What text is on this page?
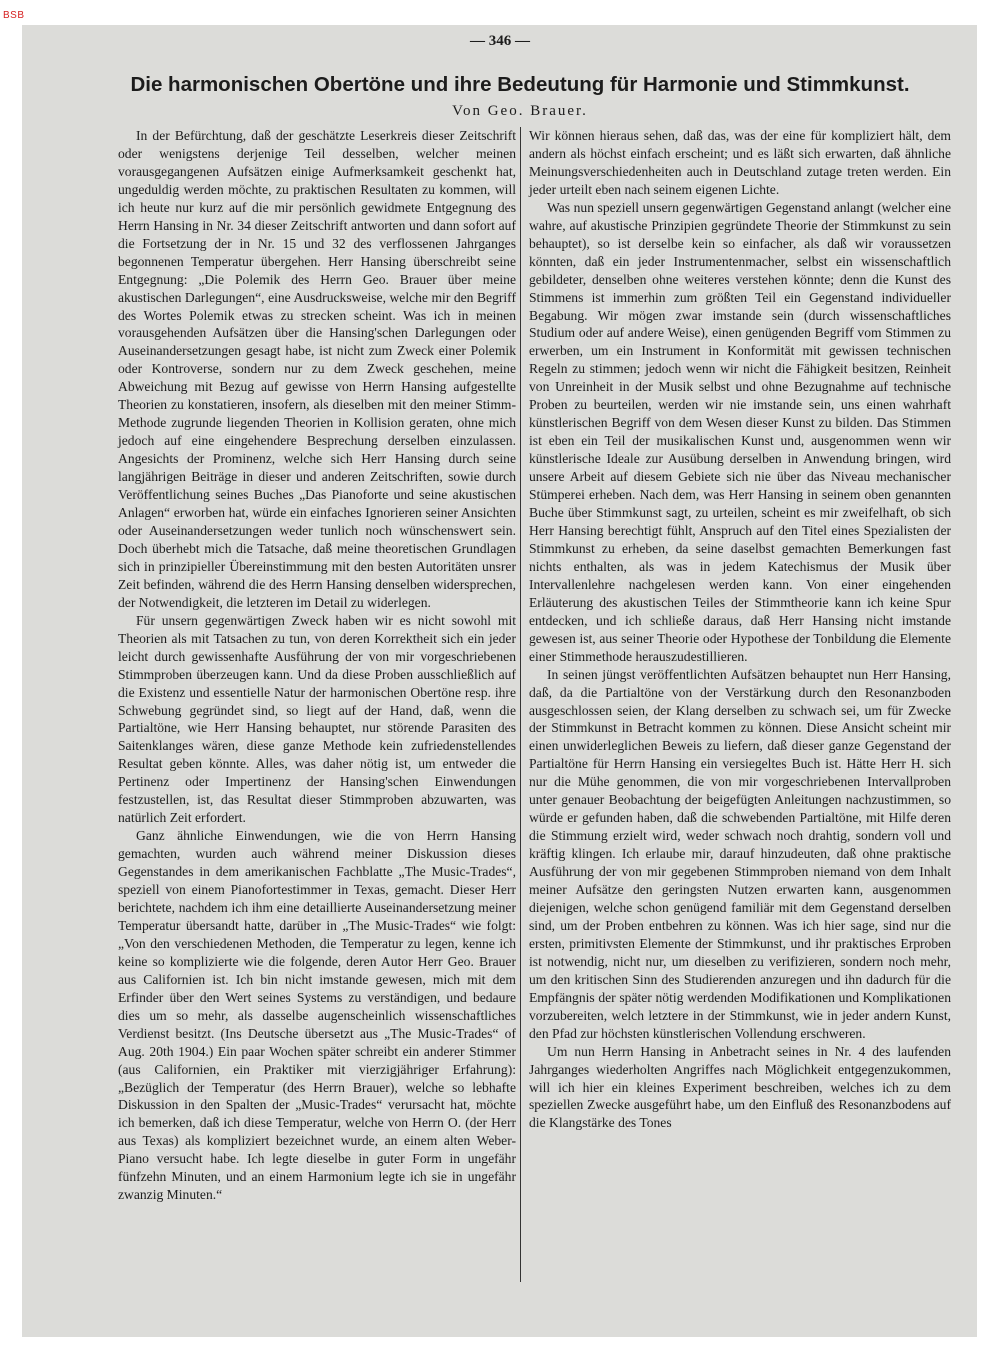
BSB
— 346 —
Die harmonischen Obertöne und ihre Bedeutung für Harmonie und Stimmkunst.
Von Geo. Brauer.

In der Befürchtung, daß der geschätzte Leserkreis dieser Zeitschrift oder wenigstens derjenige Teil desselben, welcher meinen vorausgegangenen Aufsätzen einige Aufmerksamkeit geschenkt hat, ungeduldig werden möchte, zu praktischen Resultaten zu kommen, will ich heute nur kurz auf die mir persönlich gewidmete Entgegnung des Herrn Hansing in Nr. 34 dieser Zeitschrift antworten und dann sofort auf die Fortsetzung der in Nr. 15 und 32 des verflossenen Jahrganges begonnenen Temperatur übergehen. Herr Hansing überschreibt seine Entgegnung: „Die Polemik des Herrn Geo. Brauer über meine akustischen Darlegungen“, eine Ausdrucksweise, welche mir den Begriff des Wortes Polemik etwas zu strecken scheint. Was ich in meinen vorausgehenden Aufsätzen über die Hansing'schen Darlegungen oder Auseinandersetzungen gesagt habe, ist nicht zum Zweck einer Polemik oder Kontroverse, sondern nur zu dem Zweck geschehen, meine Abweichung mit Bezug auf gewisse von Herrn Hansing aufgestellte Theorien zu konstatieren, insofern, als dieselben mit den meiner Stimm-Methode zugrunde liegenden Theorien in Kollision geraten, ohne mich jedoch auf eine eingehendere Besprechung derselben einzulassen. Angesichts der Prominenz, welche sich Herr Hansing durch seine langjährigen Beiträge in dieser und anderen Zeitschriften, sowie durch Veröffentlichung seines Buches „Das Pianoforte und seine akustischen Anlagen“ erworben hat, würde ein einfaches Ignorieren seiner Ansichten oder Auseinandersetzungen weder tunlich noch wünschenswert sein. Doch überhebt mich die Tatsache, daß meine theoretischen Grundlagen sich in prinzipieller Übereinstimmung mit den besten Autoritäten unsrer Zeit befinden, während die des Herrn Hansing denselben widersprechen, der Notwendigkeit, die letzteren im Detail zu widerlegen.

Für unsern gegenwärtigen Zweck haben wir es nicht sowohl mit Theorien als mit Tatsachen zu tun, von deren Korrektheit sich ein jeder leicht durch gewissenhafte Ausführung der von mir vorgeschriebenen Stimmproben überzeugen kann. Und da diese Proben ausschließlich auf die Existenz und essentielle Natur der harmonischen Obertöne resp. ihre Schwebung gegründet sind, so liegt auf der Hand, daß, wenn die Partialtöne, wie Herr Hansing behauptet, nur störende Parasiten des Saitenklanges wären, diese ganze Methode kein zufriedenstellendes Resultat geben könnte. Alles, was daher nötig ist, um entweder die Pertinenz oder Impertinenz der Hansing'schen Einwendungen festzustellen, ist, das Resultat dieser Stimmproben abzuwarten, was natürlich Zeit erfordert.

Ganz ähnliche Einwendungen, wie die von Herrn Hansing gemachten, wurden auch während meiner Diskussion dieses Gegenstandes in dem amerikanischen Fachblatte „The Music-Trades“, speziell von einem Pianofortestimmer in Texas, gemacht. Dieser Herr berichtete, nachdem ich ihm eine detaillierte Auseinandersetzung meiner Temperatur übersandt hatte, darüber in „The Music-Trades“ wie folgt: „Von den verschiedenen Methoden, die Temperatur zu legen, kenne ich keine so komplizierte wie die folgende, deren Autor Herr Geo. Brauer aus Californien ist. Ich bin nicht imstande gewesen, mich mit dem Erfinder über den Wert seines Systems zu verständigen, und bedaure dies um so mehr, als dasselbe augenscheinlich wissenschaftliches Verdienst besitzt. (Ins Deutsche übersetzt aus „The Music-Trades“ of Aug. 20th 1904.) Ein paar Wochen später schreibt ein anderer Stimmer (aus Californien, ein Praktiker mit vierzigjähriger Erfahrung): „Bezüglich der Temperatur (des Herrn Brauer), welche so lebhafte Diskussion in den Spalten der „Music-Trades“ verursacht hat, möchte ich bemerken, daß ich diese Temperatur, welche von Herrn O. (der Herr aus Texas) als kompliziert bezeichnet wurde, an einem alten Weber-Piano versucht habe. Ich legte dieselbe in guter Form in ungefähr fünfzehn Minuten, und an einem Harmonium legte ich sie in ungefähr zwanzig Minuten.“

Wir können hieraus sehen, daß das, was der eine für kompliziert hält, dem andern als höchst einfach erscheint; und es läßt sich erwarten, daß ähnliche Meinungsverschiedenheiten auch in Deutschland zutage treten werden. Ein jeder urteilt eben nach seinem eigenen Lichte.

Was nun speziell unsern gegenwärtigen Gegenstand anlangt (welcher eine wahre, auf akustische Prinzipien gegründete Theorie der Stimmkunst zu sein behauptet), so ist derselbe kein so einfacher, als daß wir voraussetzen könnten, daß ein jeder Instrumentenmacher, selbst ein wissenschaftlich gebildeter, denselben ohne weiteres verstehen könnte; denn die Kunst des Stimmens ist immerhin zum größten Teil ein Gegenstand individueller Begabung. Wir mögen zwar imstande sein (durch wissenschaftliches Studium oder auf andere Weise), einen genügenden Begriff vom Stimmen zu erwerben, um ein Instrument in Konformität mit gewissen technischen Regeln zu stimmen; jedoch wenn wir nicht die Fähigkeit besitzen, Reinheit von Unreinheit in der Musik selbst und ohne Bezugnahme auf technische Proben zu beurteilen, werden wir nie imstande sein, uns einen wahrhaft künstlerischen Begriff von dem Wesen dieser Kunst zu bilden. Das Stimmen ist eben ein Teil der musikalischen Kunst und, ausgenommen wenn wir künstlerische Ideale zur Ausübung derselben in Anwendung bringen, wird unsere Arbeit auf diesem Gebiete sich nie über das Niveau mechanischer Stümperei erheben. Nach dem, was Herr Hansing in seinem oben genannten Buche über Stimmkunst sagt, zu urteilen, scheint es mir zweifelhaft, ob sich Herr Hansing berechtigt fühlt, Anspruch auf den Titel eines Spezialisten der Stimmkunst zu erheben, da seine daselbst gemachten Bemerkungen fast nichts enthalten, als was in jedem Katechismus der Musik über Intervallenlehre nachgelesen werden kann. Von einer eingehenden Erläuterung des akustischen Teiles der Stimmtheorie kann ich keine Spur entdecken, und ich schließe daraus, daß Herr Hansing nicht imstande gewesen ist, aus seiner Theorie oder Hypothese der Tonbildung die Elemente einer Stimmethode herauszudestillieren.

In seinen jüngst veröffentlichten Aufsätzen behauptet nun Herr Hansing, daß, da die Partialtöne von der Verstärkung durch den Resonanzboden ausgeschlossen seien, der Klang derselben zu schwach sei, um für Zwecke der Stimmkunst in Betracht kommen zu können. Diese Ansicht scheint mir einen unwiderleglichen Beweis zu liefern, daß dieser ganze Gegenstand der Partialtöne für Herrn Hansing ein versiegeltes Buch ist. Hätte Herr H. sich nur die Mühe genommen, die von mir vorgeschriebenen Intervallproben unter genauer Beobachtung der beigefügten Anleitungen nachzustimmen, so würde er gefunden haben, daß die schwebenden Partialtöne, mit Hilfe deren die Stimmung erzielt wird, weder schwach noch drahtig, sondern voll und kräftig klingen. Ich erlaube mir, darauf hinzudeuten, daß ohne praktische Ausführung der von mir gegebenen Stimmproben niemand von dem Inhalt meiner Aufsätze den geringsten Nutzen erwarten kann, ausgenommen diejenigen, welche schon genügend familiär mit dem Gegenstand derselben sind, um der Proben entbehren zu können. Was ich hier sage, sind nur die ersten, primitivsten Elemente der Stimmkunst, und ihr praktisches Erproben ist notwendig, nicht nur, um dieselben zu verifizieren, sondern noch mehr, um den kritischen Sinn des Studierenden anzuregen und ihn dadurch für die Empfängnis der später nötig werdenden Modifikationen und Komplikationen vorzubereiten, welch letztere in der Stimmkunst, wie in jeder andern Kunst, den Pfad zur höchsten künstlerischen Vollendung erschweren.

Um nun Herrn Hansing in Anbetracht seines in Nr. 4 des laufenden Jahrganges wiederholten Angriffes nach Möglichkeit entgegenzukommen, will ich hier ein kleines Experiment beschreiben, welches ich zu dem speziellen Zwecke ausgeführt habe, um den Einfluß des Resonanzbodens auf die Klangstärke des Tones
